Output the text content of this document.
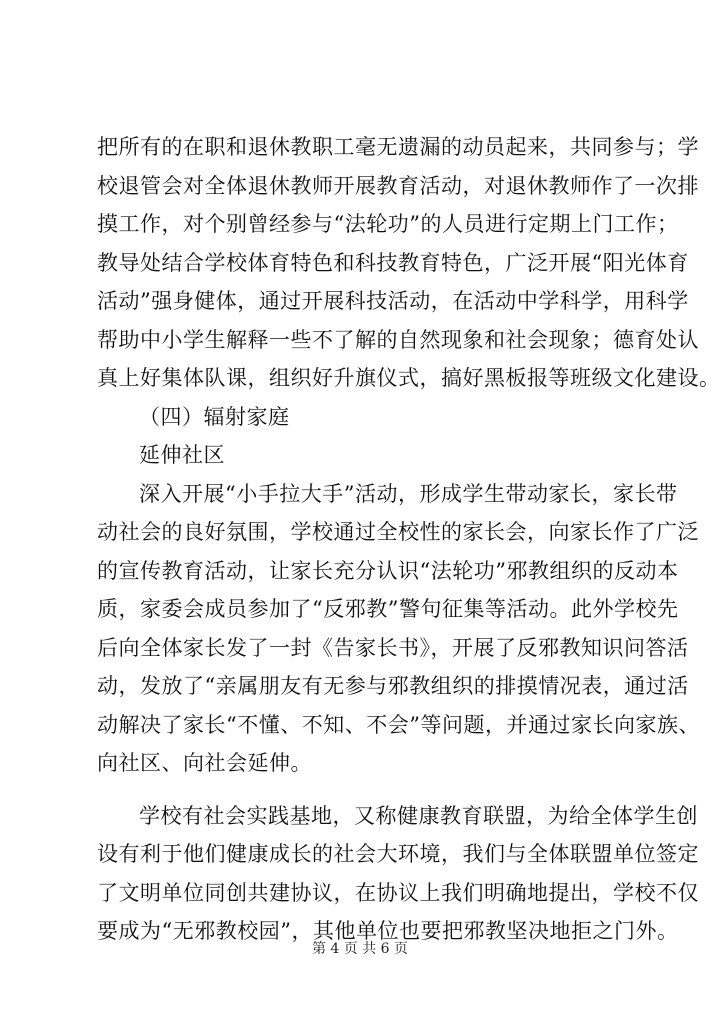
把所有的在职和退休教职工毫无遗漏的动员起来，共同参与；学
校退管会对全体退休教师开展教育活动，对退休教师作了一次排
摸工作，对个别曾经参与“法轮功”的人员进行定期上门工作；
教导处结合学校体育特色和科技教育特色，广泛开展“阳光体育
活动”强身健体，通过开展科技活动，在活动中学科学，用科学
帮助中小学生解释一些不了解的自然现象和社会现象；德育处认
真上好集体队课，组织好升旗仪式，搞好黑板报等班级文化建设。
（四）辐射家庭
延伸社区
深入开展“小手拉大手”活动，形成学生带动家长，家长带
动社会的良好氛围，学校通过全校性的家长会，向家长作了广泛
的宣传教育活动，让家长充分认识“法轮功”邪教组织的反动本
质，家委会成员参加了“反邪教”警句征集等活动。此外学校先
后向全体家长发了一封《告家长书》，开展了反邪教知识问答活
动，发放了“亲属朋友有无参与邪教组织的排摸情况表，通过活
动解决了家长“不懂、不知、不会”等问题，并通过家长向家族、
向社区、向社会延伸。
学校有社会实践基地，又称健康教育联盟，为给全体学生创
设有利于他们健康成长的社会大环境，我们与全体联盟单位签定
了文明单位同创共建协议，在协议上我们明确地提出，学校不仅
要成为“无邪教校园”，其他单位也要把邪教坚决地拒之门外。
第 4 页 共 6 页
